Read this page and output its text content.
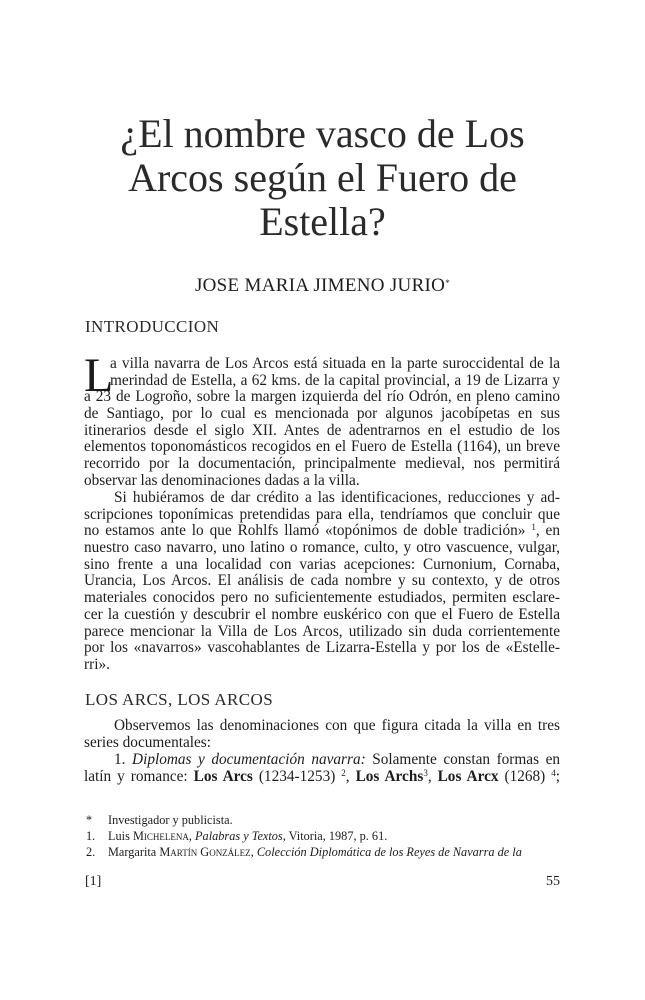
¿El nombre vasco de Los
Arcos según el Fuero de
Estella?
JOSE MARIA JIMENO JURIO*
INTRODUCCION
L
a villa navarra de Los Arcos está situada en la parte suroccidental de la
merindad de Estella, a 62 kms. de la capital provincial, a 19 de Lizarra y
a 23 de Logroño, sobre la margen izquierda del río Odrón, en pleno camino
de Santiago, por lo cual es mencionada por algunos jacobípetas en sus
itinerarios desde el siglo XII. Antes de adentrarnos en el estudio de los
elementos toponomásticos recogidos en el Fuero de Estella (1164), un breve
recorrido por la documentación, principalmente medieval, nos permitirá
observar las denominaciones dadas a la villa.
Si hubiéramos de dar crédito a las identificaciones, reducciones y ad-
scripciones toponímicas pretendidas para ella, tendríamos que concluir que
no estamos ante lo que Rohlfs llamó «topónimos de doble tradición» $^1$, en
nuestro caso navarro, uno latino o romance, culto, y otro vascuence, vulgar,
sino frente a una localidad con varias acepciones: Curnonium, Cornaba,
Urancia, Los Arcos. El análisis de cada nombre y su contexto, y de otros
materiales conocidos pero no suficientemente estudiados, permiten esclare-
cer la cuestión y descubrir el nombre euskérico con que el Fuero de Estella
parece mencionar la Villa de Los Arcos, utilizado sin duda corrientemente
por los «navarros» vascohablantes de Lizarra-Estella y por los de «Estelle-
rri».
LOS ARCS, LOS ARCOS
Observemos las denominaciones con que figura citada la villa en tres
series documentales:
1. Diplomas y documentación navarra: Solamente constan formas en
latín y romance: Los Arcs (1234-1253) $^2$, Los Archs$^3$, Los Arcx (1268) $^4$;
*	Investigador y publicista.
1.	Luis Michelena, Palabras y Textos, Vitoria, 1987, p. 61.
2.	Margarita Martín González, Colección Diplomática de los Reyes de Navarra de la
[1]	55
